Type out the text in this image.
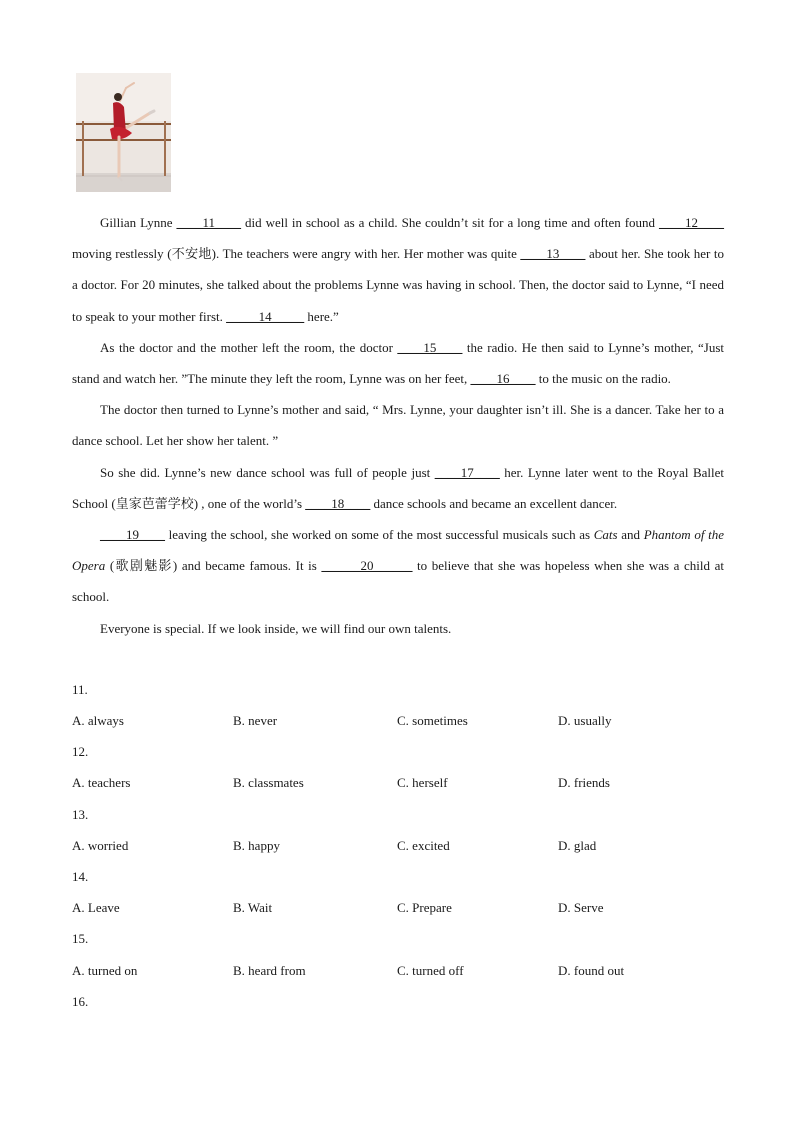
Gillian Lynne ____11____ did well in school as a child. She couldn’t sit for a long time and often found ____12____ moving restlessly (不安地). The teachers were angry with her. Her mother was quite ____13____ about her. She took her to a doctor. For 20 minutes, she talked about the problems Lynne was having in school. Then, the doctor said to Lynne, “I need to speak to your mother first. _____14_____ here.”

As the doctor and the mother left the room, the doctor ____15____ the radio. He then said to Lynne’s mother, “Just stand and watch her. ”The minute they left the room, Lynne was on her feet, ____16____ to the music on the radio.

The doctor then turned to Lynne’s mother and said, “ Mrs. Lynne, your daughter isn’t ill. She is a dancer. Take her to a dance school. Let her show her talent. ”

So she did. Lynne’s new dance school was full of people just ____17____ her. Lynne later went to the Royal Ballet School (皇家芭蕾学校) , one of the world’s ____18____ dance schools and became an excellent dancer.

____19____ leaving the school, she worked on some of the most successful musicals such as Cats and Phantom of the Opera (歌剧魅影) and became famous. It is ______20______ to believe that she was hopeless when she was a child at school.

Everyone is special. If we look inside, we will find our own talents.

11.
A. always	B. never	C. sometimes	D. usually
12.
A. teachers	B. classmates	C. herself	D. friends
13.
A. worried	B. happy	C. excited	D. glad
14.
A. Leave	B. Wait	C. Prepare	D. Serve
15.
A. turned on	B. heard from	C. turned off	D. found out
16.
